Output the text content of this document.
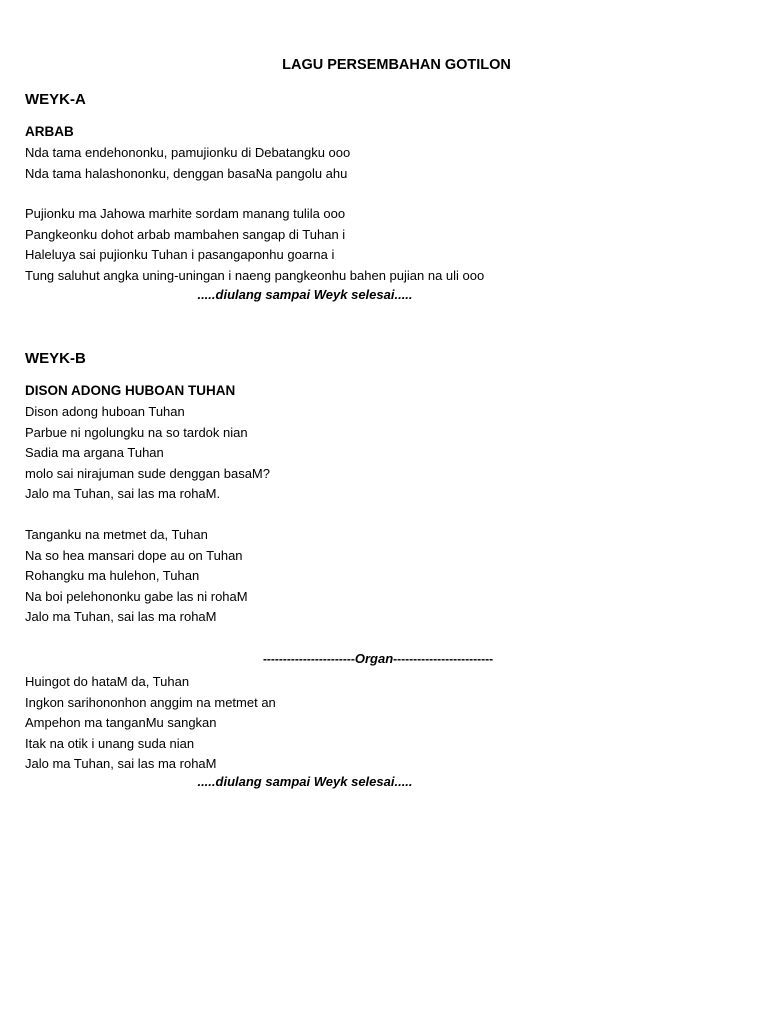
LAGU PERSEMBAHAN GOTILON
WEYK-A
ARBAB
Nda tama endehononku, pamujionku di Debatangku ooo
Nda tama halashononku, denggan basaNa pangolu ahu
Pujionku ma Jahowa marhite sordam manang tulila ooo
Pangkeonku dohot arbab mambahen sangap di Tuhan i
Haleluya sai pujionku Tuhan i pasangaponhu goarna i
Tung saluhut angka uning-uningan i naeng pangkeonhu bahen pujian na uli ooo
.....diulang sampai Weyk selesai.....
WEYK-B
DISON ADONG HUBOAN TUHAN
Dison adong huboan Tuhan
Parbue ni ngolungku na so tardok nian
Sadia ma argana Tuhan
molo sai nirajuman sude denggan basaM?
Jalo ma Tuhan, sai las ma rohaM.
Tanganku na metmet da, Tuhan
Na so hea mansari dope au on Tuhan
Rohangku ma hulehon, Tuhan
Na boi pelehononku gabe las ni rohaM
Jalo ma Tuhan, sai las ma rohaM
-----------------------Organ-------------------------
Huingot do hataM da, Tuhan
Ingkon sarihononhon anggim na metmet an
Ampehon ma tanganMu sangkan
Itak na otik i unang suda nian
Jalo ma Tuhan, sai las ma rohaM
.....diulang sampai Weyk selesai.....
